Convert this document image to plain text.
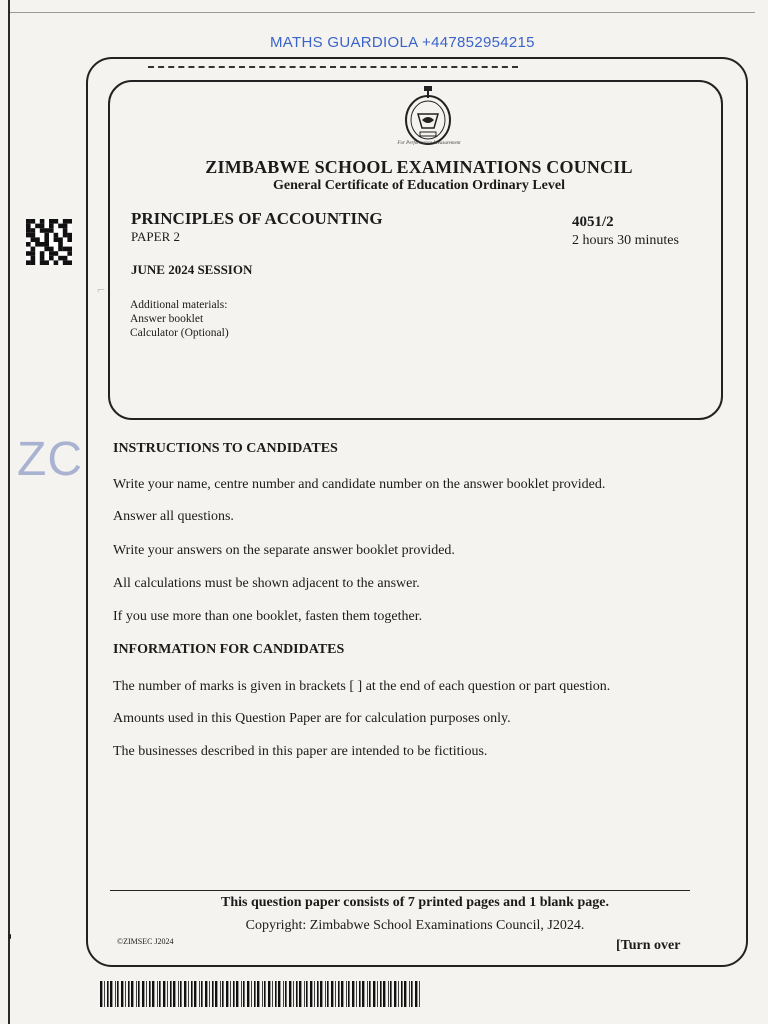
MATHS GUARDIOLA +447852954215
For Performance Measurement
ZIMBABWE SCHOOL EXAMINATIONS COUNCIL
General Certificate of Education Ordinary Level
PRINCIPLES OF ACCOUNTING
PAPER 2
4051/2
2 hours 30 minutes
JUNE 2024 SESSION
Additional materials:
Answer booklet
Calculator (Optional)
⌐
ZC INSTRUCTIONS TO CANDIDATES
Write your name, centre number and candidate number on the answer booklet provided.
Answer all questions.
Write your answers on the separate answer booklet provided.
All calculations must be shown adjacent to the answer.
If you use more than one booklet, fasten them together.
INFORMATION FOR CANDIDATES
The number of marks is given in brackets [ ] at the end of each question or part question.
Amounts used in this Question Paper are for calculation purposes only.
The businesses described in this paper are intended to be fictitious.
This question paper consists of 7 printed pages and 1 blank page.
Copyright: Zimbabwe School Examinations Council, J2024.
©ZIMSEC J2024	[Turn over
